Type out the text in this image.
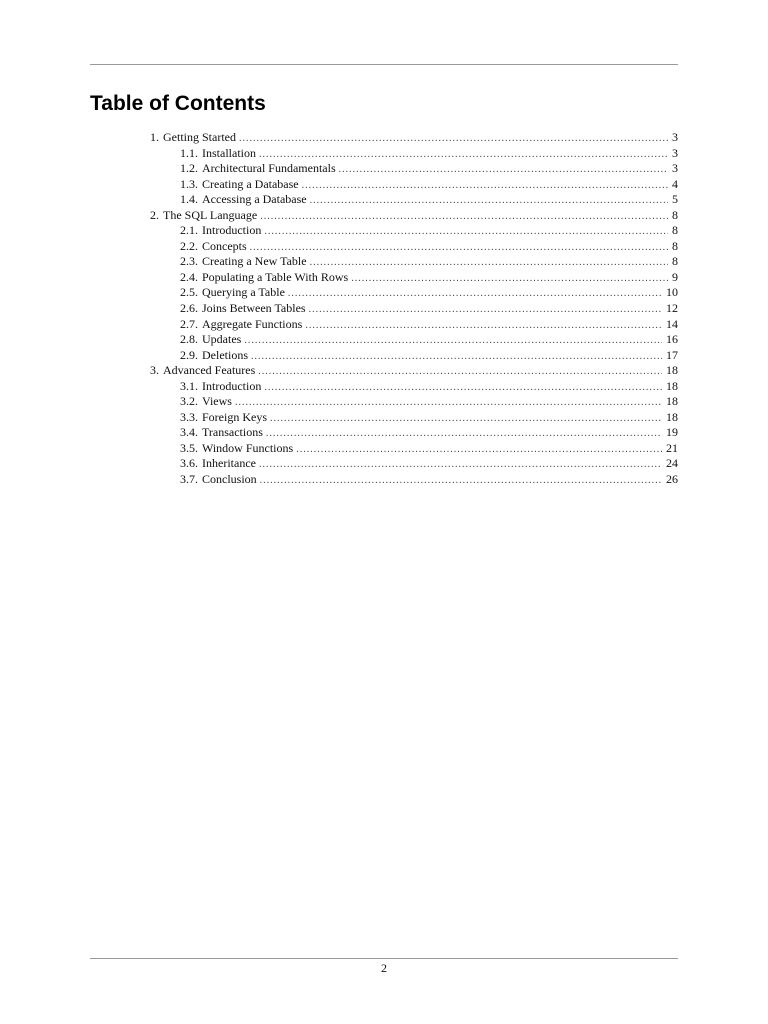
Table of Contents
1. Getting Started .....	3
1.1. Installation .....	3
1.2. Architectural Fundamentals .....	3
1.3. Creating a Database .....	4
1.4. Accessing a Database .....	5
2. The SQL Language .....	8
2.1. Introduction .....	8
2.2. Concepts .....	8
2.3. Creating a New Table .....	8
2.4. Populating a Table With Rows .....	9
2.5. Querying a Table .....	10
2.6. Joins Between Tables .....	12
2.7. Aggregate Functions .....	14
2.8. Updates .....	16
2.9. Deletions .....	17
3. Advanced Features .....	18
3.1. Introduction .....	18
3.2. Views .....	18
3.3. Foreign Keys .....	18
3.4. Transactions .....	19
3.5. Window Functions .....	21
3.6. Inheritance .....	24
3.7. Conclusion .....	26
2
